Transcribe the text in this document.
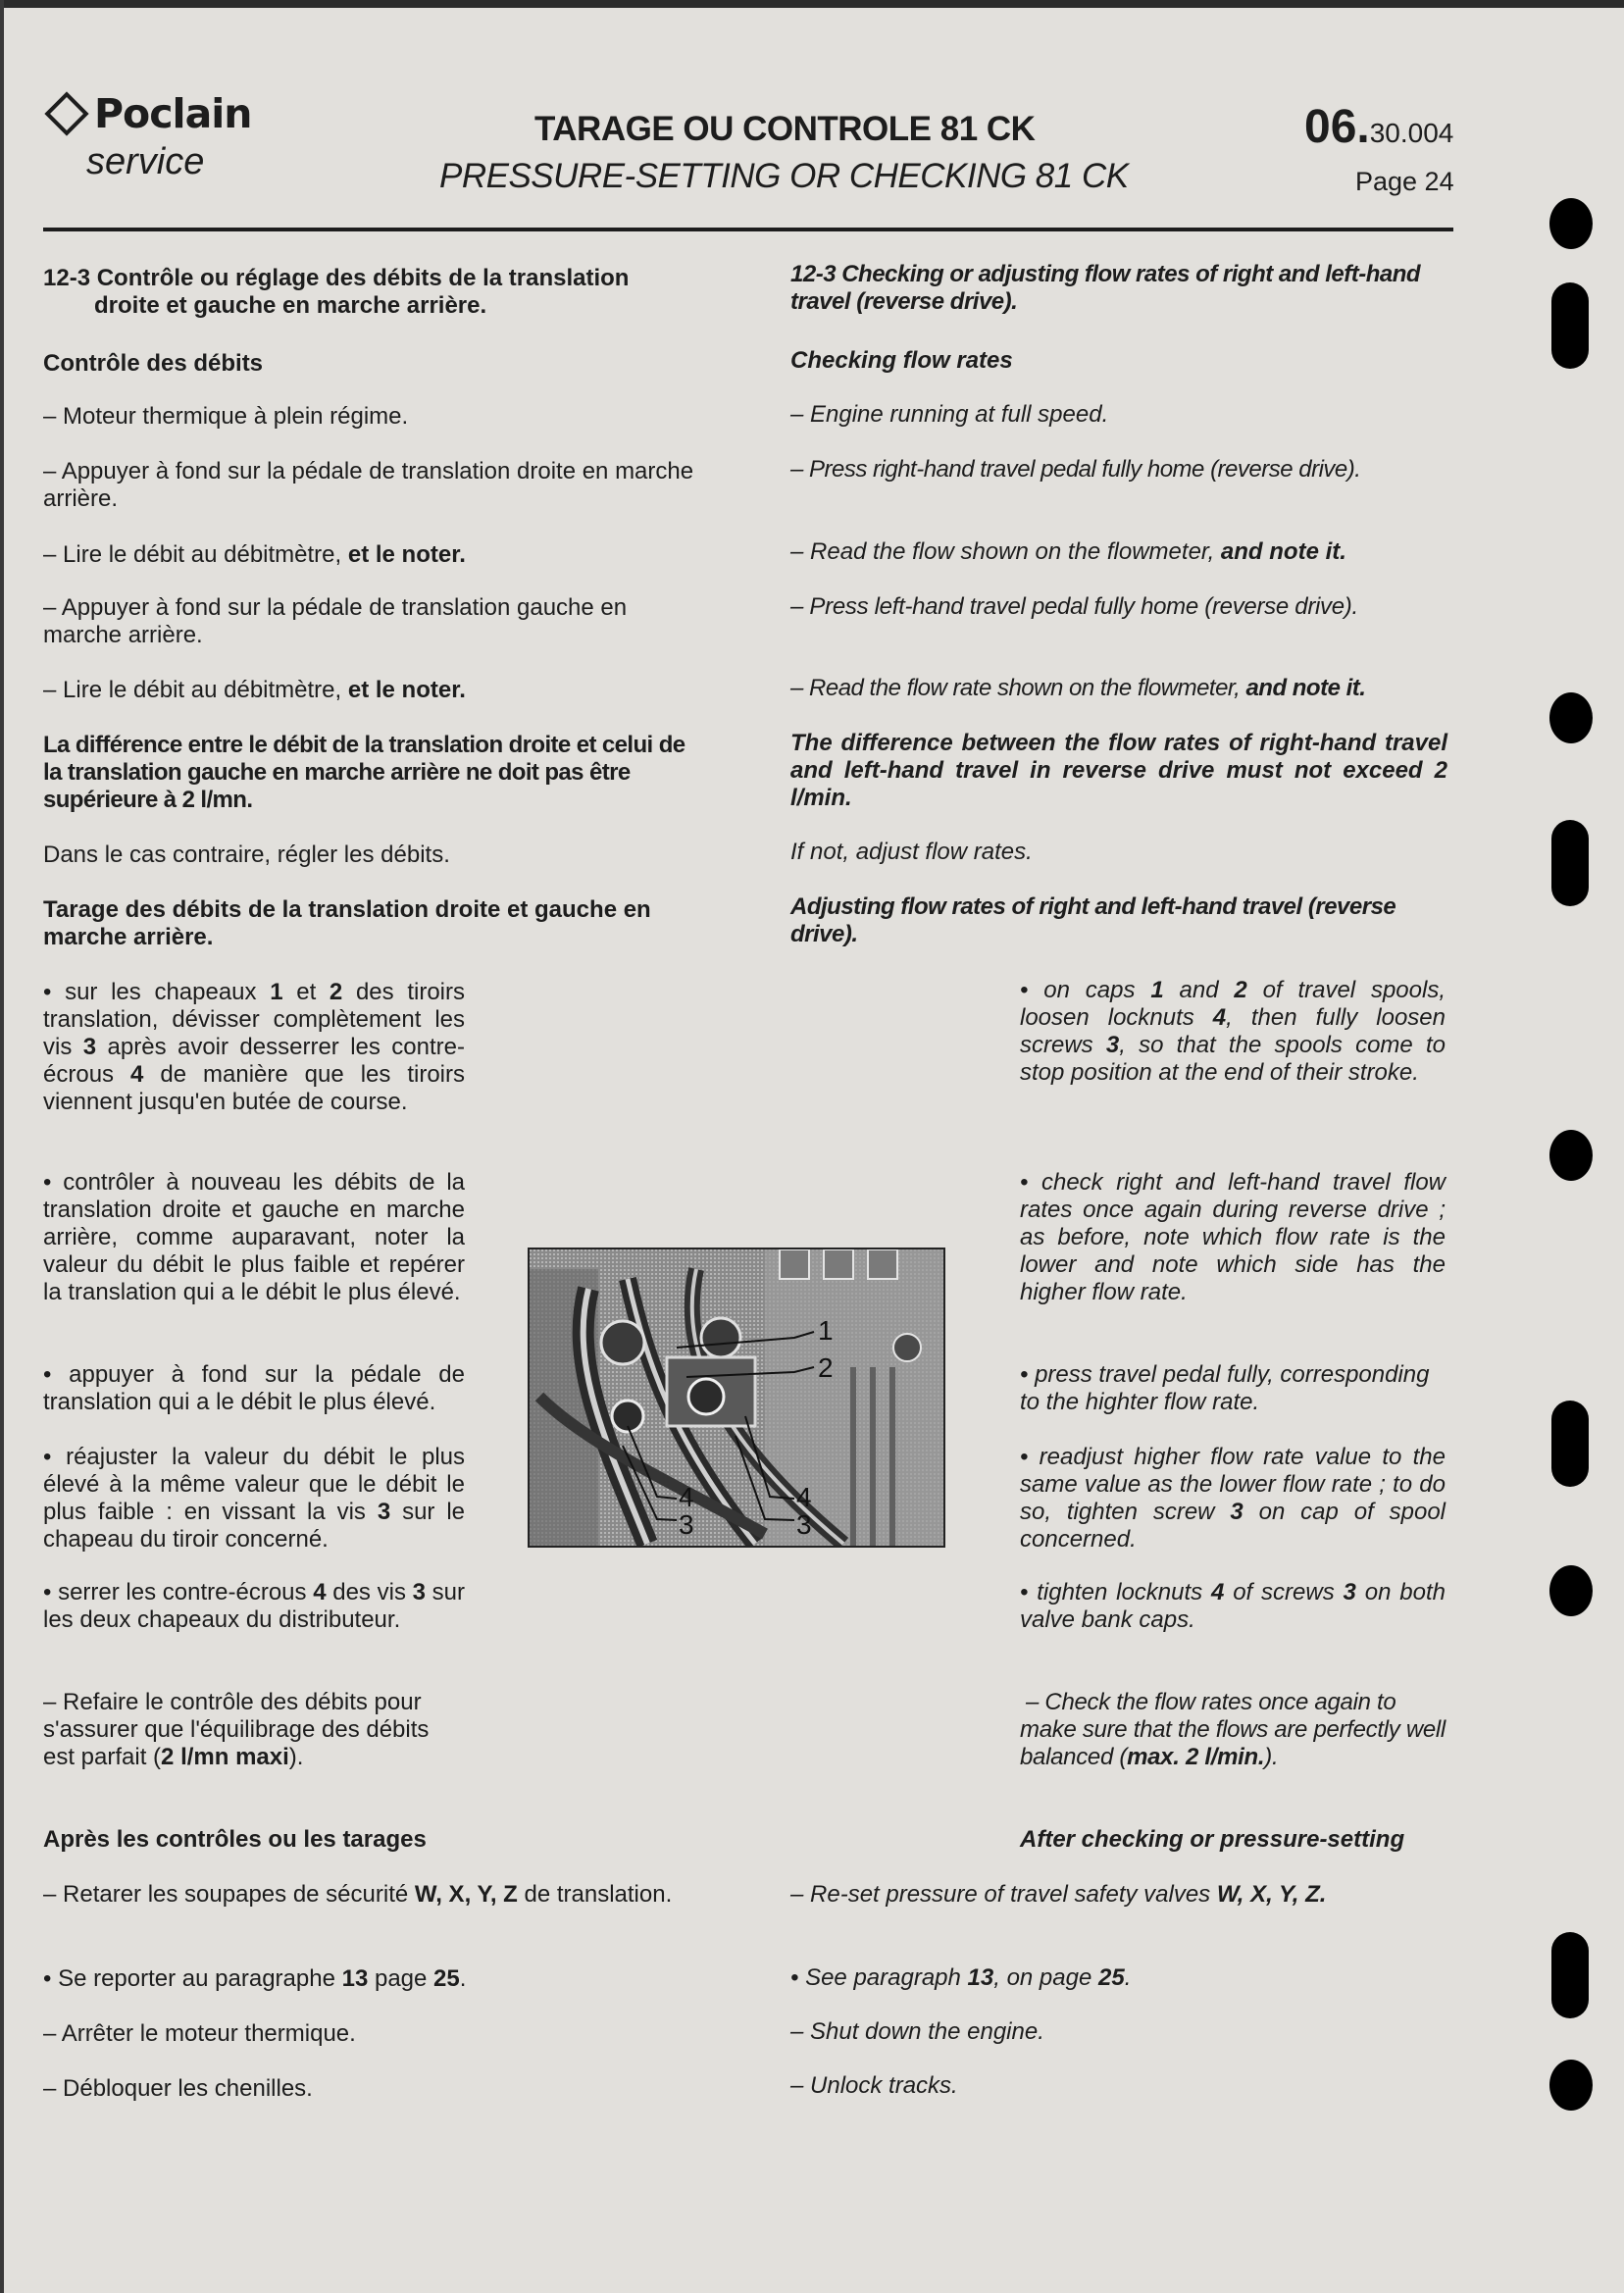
Poclain
service
TARAGE OU CONTROLE 81 CK
PRESSURE-SETTING OR CHECKING 81 CK
06.30.004
Page 24
12-3 Contrôle ou réglage des débits de la translation
droite et gauche en marche arrière.
Contrôle des débits
– Moteur thermique à plein régime.
– Appuyer à fond sur la pédale de translation droite en marche arrière.
– Lire le débit au débitmètre, et le noter.
– Appuyer à fond sur la pédale de translation gauche en marche arrière.
– Lire le débit au débitmètre, et le noter.
La différence entre le débit de la translation droite et celui de la translation gauche en marche arrière ne doit pas être supérieure à 2 l/mn.
Dans le cas contraire, régler les débits.
Tarage des débits de la translation droite et gauche en marche arrière.
• sur les chapeaux 1 et 2 des tiroirs translation, dévisser complètement les vis 3 après avoir desserrer les contre-écrous 4 de manière que les tiroirs viennent jusqu'en butée de course.
• contrôler à nouveau les débits de la translation droite et gauche en marche arrière, comme auparavant, noter la valeur du débit le plus faible et repérer la translation qui a le débit le plus élevé.
• appuyer à fond sur la pédale de translation qui a le débit le plus élevé.
• réajuster la valeur du débit le plus élevé à la même valeur que le débit le plus faible : en vissant la vis 3 sur le chapeau du tiroir concerné.
• serrer les contre-écrous 4 des vis 3 sur les deux chapeaux du distributeur.
– Refaire le contrôle des débits pour s'assurer que l'équilibrage des débits est parfait (2 l/mn maxi).
Après les contrôles ou les tarages
– Retarer les soupapes de sécurité W, X, Y, Z de translation.
• Se reporter au paragraphe 13 page 25.
– Arrêter le moteur thermique.
– Débloquer les chenilles.
12-3 Checking or adjusting flow rates of right and left-hand travel (reverse drive).
Checking flow rates
– Engine running at full speed.
– Press right-hand travel pedal fully home (reverse drive).
– Read the flow shown on the flowmeter, and note it.
– Press left-hand travel pedal fully home (reverse drive).
– Read the flow rate shown on the flowmeter, and note it.
The difference between the flow rates of right-hand travel and left-hand travel in reverse drive must not exceed 2 l/min.
If not, adjust flow rates.
Adjusting flow rates of right and left-hand travel (reverse drive).
• on caps 1 and 2 of travel spools, loosen locknuts 4, then fully loosen screws 3, so that the spools come to stop position at the end of their stroke.
• check right and left-hand travel flow rates once again during reverse drive ; as before, note which flow rate is the lower and note which side has the higher flow rate.
• press travel pedal fully, corresponding to the highter flow rate.
• readjust higher flow rate value to the same value as the lower flow rate ; to do so, tighten screw 3 on cap of spool concerned.
• tighten locknuts 4 of screws 3 on both valve bank caps.
– Check the flow rates once again to make sure that the flows are perfectly well balanced (max. 2 l/min.).
After checking or pressure-setting
– Re-set pressure of travel safety valves W, X, Y, Z.
• See paragraph 13, on page 25.
– Shut down the engine.
– Unlock tracks.
1
2
4
3
4
3
